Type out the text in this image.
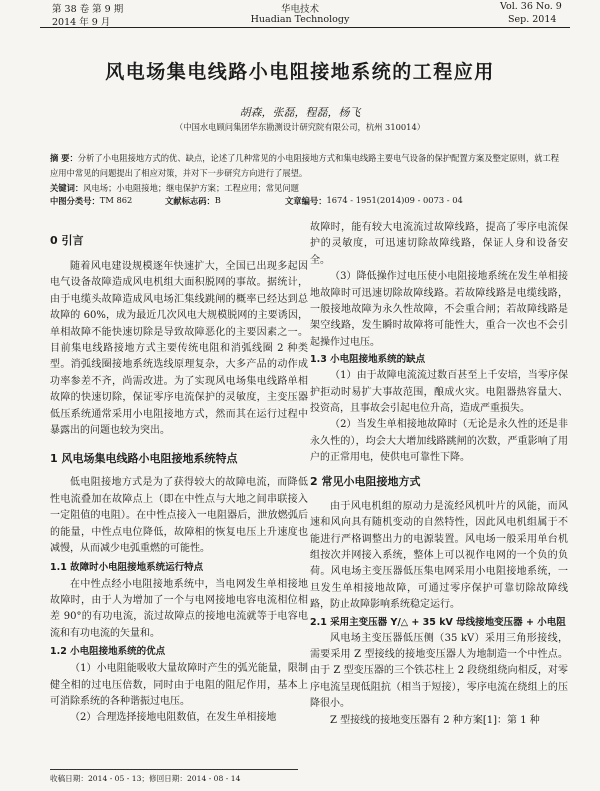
第 38 卷 第 9 期
2014 年 9 月
华电技术
Huadian Technology
Vol. 36 No. 9
Sep. 2014
风电场集电线路小电阻接地系统的工程应用
胡森，张磊，程磊，杨飞
（中国水电顾问集团华东勘测设计研究院有限公司，杭州 310014）
摘 要：分析了小电阻接地方式的优、缺点，论述了几种常见的小电阻接地方式和集电线路主要电气设备的保护配置方案及整定原则，就工程应用中常见的问题提出了相应对策，并对下一步研究方向进行了展望。
关键词：风电场；小电阻接地；继电保护方案；工程应用；常见问题
中图分类号： TM 862	文献标志码： B	文章编号： 1674 - 1951(2014)09 - 0073 - 04
0 引言

随着风电建设规模逐年快速扩大，全国已出现多起因电气设备故障造成风电机组大面积脱网的事故。据统计，由于电缆头故障造成风电场汇集线跳闸的概率已经达到总故障的 60%，成为最近几次风电大规模脱网的主要诱因，单相故障不能快速切除是导致故障恶化的主要因素之一。目前集电线路接地方式主要传统电阻和消弧线圈 2 种类型。消弧线圈接地系统选线原理复杂，大多产品的动作成功率参差不齐，尚需改进。为了实现风电场集电线路单相故障的快速切除，保证零序电流保护的灵敏度，主变压器低压系统通常采用小电阻接地方式，然而其在运行过程中暴露出的问题也较为突出。

1 风电场集电线路小电阻接地系统特点

低电阻接地方式是为了获得较大的故障电流，而降低性电流叠加在故障点上（即在中性点与大地之间串联接入一定阻值的电阻）。在中性点接入一电阻器后，泄放燃弧后的能量，中性点电位降低，故障相的恢复电压上升速度也减慢，从而减少电弧重燃的可能性。

1.1 故障时小电阻接地系统运行特点

在中性点经小电阻接地系统中，当电网发生单相接地故障时，由于人为增加了一个与电网接地电容电流相位相差 90°的有功电流，流过故障点的接地电流就等于电容电流和有功电流的矢量和。

1.2 小电阻接地系统的优点

（1）小电阻能吸收大量故障时产生的弧光能量，限制健全相的过电压倍数，同时由于电阻的阻尼作用，基本上可消除系统的各种谐振过电压。

（2）合理选择接地电阻数值，在发生单相接地

故障时，能有较大电流流过故障线路，提高了零序电流保护的灵敏度，可迅速切除故障线路，保证人身和设备安全。

（3）降低操作过电压使小电阻接地系统在发生单相接地故障时可迅速切除故障线路。若故障线路是电缆线路，一般接地故障为永久性故障，不会重合闸；若故障线路是架空线路，发生瞬时故障将可能性大，重合一次也不会引起操作过电压。

1.3 小电阻接地系统的缺点

（1）由于故障电流流过数百甚至上千安培，当零序保护拒动时易扩大事故范围，酿成火灾。电阻器热容量大、投资高，且事故会引起电位升高，造成严重损失。

（2）当发生单相接地故障时（无论是永久性的还是非永久性的），均会大大增加线路跳闸的次数，严重影响了用户的正常用电，使供电可靠性下降。

2 常见小电阻接地方式

由于风电机组的原动力是流经风机叶片的风能，而风速和风向具有随机变动的自然特性，因此风电机组属于不能进行严格调整出力的电源装置。风电场一般采用单台机组按次并网接入系统，整体上可以视作电网的一个负的负荷。风电场主变压器低压集电网采用小电阻接地系统，一旦发生单相接地故障，可通过零序保护可靠切除故障线路，防止故障影响系统稳定运行。

2.1 采用主变压器 Y/△ + 35 kV 母线接地变压器 + 小电阻

风电场主变压器低压侧（35 kV）采用三角形接线，需要采用 Z 型接线的接地变压器人为地制造一个中性点。由于 Z 型变压器的三个铁芯柱上 2 段绕组绕向相反，对零序电流呈现低阻抗（相当于短接），零序电流在绕组上的压降很小。

Z 型接线的接地变压器有 2 种方案[1]：第 1 种

收稿日期：2014 - 05 - 13；修回日期：2014 - 08 - 14
